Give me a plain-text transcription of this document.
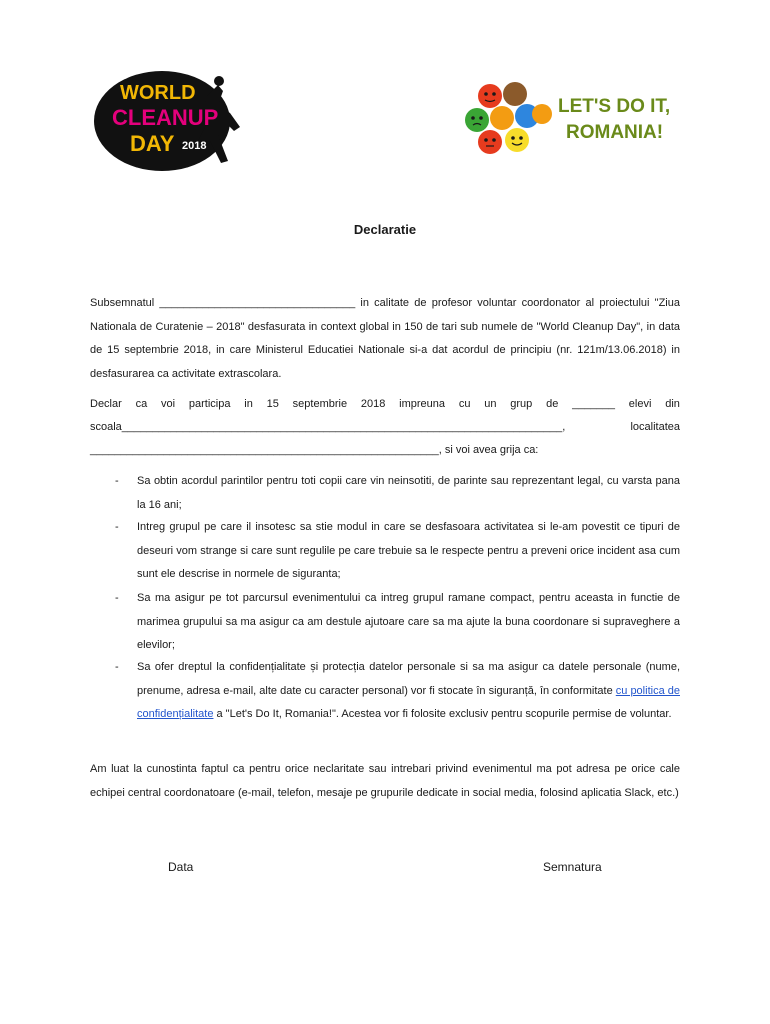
WORLD
CLEANUP
DAY 2018
LET'S DO IT,
ROMANIA!
Declaratie

Subsemnatul ________________________________ in calitate de profesor voluntar coordonator al proiectului "Ziua Nationala de Curatenie – 2018" desfasurata in context global in 150 de tari sub numele de "World Cleanup Day", in data de 15 septembrie 2018, in care Ministerul Educatiei Nationale si-a dat acordul de principiu (nr. 121m/13.06.2018) in desfasurarea ca activitate extrascolara.

Declar ca voi participa in 15 septembrie 2018 impreuna cu un grup de _______ elevi din
scoala________________________________________________________________________,	localitatea
_________________________________________________________, si voi avea grija ca:
- Sa obtin acordul parintilor pentru toti copii care vin neinsotiti, de parinte sau reprezentant legal, cu varsta pana la 16 ani;
- Intreg grupul pe care il insotesc sa stie modul in care se desfasoara activitatea si le-am povestit ce tipuri de deseuri vom strange si care sunt regulile pe care trebuie sa le respecte pentru a preveni orice incident asa cum sunt ele descrise in normele de siguranta;
- Sa ma asigur pe tot parcursul evenimentului ca intreg grupul ramane compact, pentru aceasta in functie de marimea grupului sa ma asigur ca am destule ajutoare care sa ma ajute la buna coordonare si supraveghere a elevilor;
- Sa ofer dreptul la confidențialitate și protecția datelor personale si sa ma asigur ca datele personale (nume, prenume, adresa e-mail, alte date cu caracter personal) vor fi stocate în siguranță, în conformitate cu politica de confidențialitate a "Let's Do It, Romania!". Acestea vor fi folosite exclusiv pentru scopurile permise de voluntar.

Am luat la cunostinta faptul ca pentru orice neclaritate sau intrebari privind evenimentul ma pot adresa pe orice cale echipei central coordonatoare (e-mail, telefon, mesaje pe grupurile dedicate in social media, folosind aplicatia Slack, etc.)

Data	Semnatura
